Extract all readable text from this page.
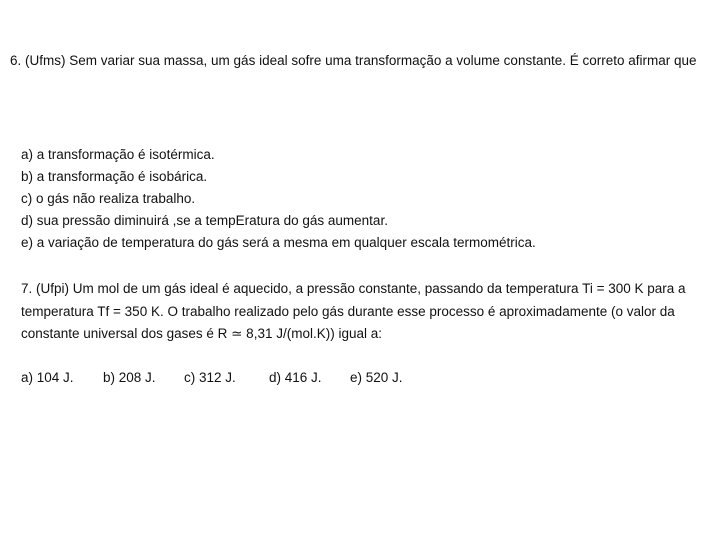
6. (Ufms) Sem variar sua massa, um gás ideal sofre uma transformação a volume constante. É correto afirmar que

a) a transformação é isotérmica.
b) a transformação é isobárica.
c) o gás não realiza trabalho.
d) sua pressão diminuirá ,se a tempEratura do gás aumentar.
e) a variação de temperatura do gás será a mesma em qualquer escala termométrica.

7. (Ufpi) Um mol de um gás ideal é aquecido, a pressão constante, passando da temperatura Ti = 300 K para a temperatura Tf = 350 K. O trabalho realizado pelo gás durante esse processo é aproximadamente (o valor da constante universal dos gases é R ≃ 8,31 J/(mol.K)) igual a:

a) 104 J. b) 208 J. c) 312 J. d) 416 J. e) 520 J.
